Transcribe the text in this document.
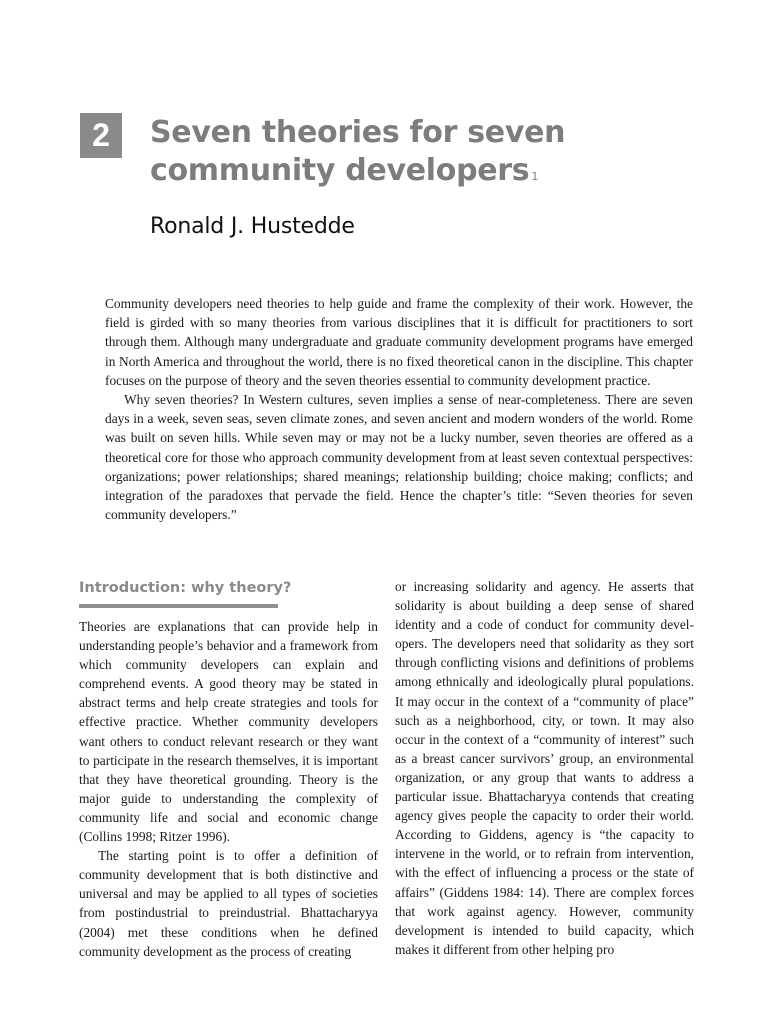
2	Seven theories for seven community developers $^1$
Ronald J. Hustedde

Community developers need theories to help guide and frame the complexity of their work. However, the field is girded with so many theories from various disciplines that it is difficult for practitioners to sort through them. Although many undergraduate and graduate community development programs have emerged in North America and throughout the world, there is no fixed theoretical canon in the discipline. This chapter focuses on the purpose of theory and the seven theories essential to community development practice.

Why seven theories? In Western cultures, seven implies a sense of near-completeness. There are seven days in a week, seven seas, seven climate zones, and seven ancient and modern wonders of the world. Rome was built on seven hills. While seven may or may not be a lucky number, seven theories are offered as a theoretical core for those who approach community development from at least seven contextual perspectives: organizations; power relationships; shared meanings; relationship building; choice making; conflicts; and integration of the paradoxes that pervade the field. Hence the chapter’s title: “Seven theories for seven community developers.”

Introduction: why theory?

Theories are explanations that can provide help in understanding people’s behavior and a framework from which community developers can explain and comprehend events. A good theory may be stated in abstract terms and help create strategies and tools for effective practice. Whether community developers want others to conduct relevant research or they want to participate in the research themselves, it is important that they have theoretical grounding. Theory is the major guide to understanding the complexity of community life and social and economic change (Collins 1998; Ritzer 1996).

The starting point is to offer a definition of community development that is both distinctive and universal and may be applied to all types of societies from postindustrial to preindustrial. Bhattacharyya (2004) met these conditions when he defined community development as the process of creating

or increasing solidarity and agency. He asserts that solidarity is about building a deep sense of shared identity and a code of conduct for community developers. The developers need that solidarity as they sort through conflicting visions and definitions of problems among ethnically and ideologically plural populations. It may occur in the context of a “community of place” such as a neighborhood, city, or town. It may also occur in the context of a “community of interest” such as a breast cancer survivors’ group, an environmental organization, or any group that wants to address a particular issue. Bhattacharyya contends that creating agency gives people the capacity to order their world. According to Giddens, agency is “the capacity to intervene in the world, or to refrain from intervention, with the effect of influencing a process or the state of affairs” (Giddens 1984: 14). There are complex forces that work against agency. However, community development is intended to build capacity, which makes it different from other helping pro
